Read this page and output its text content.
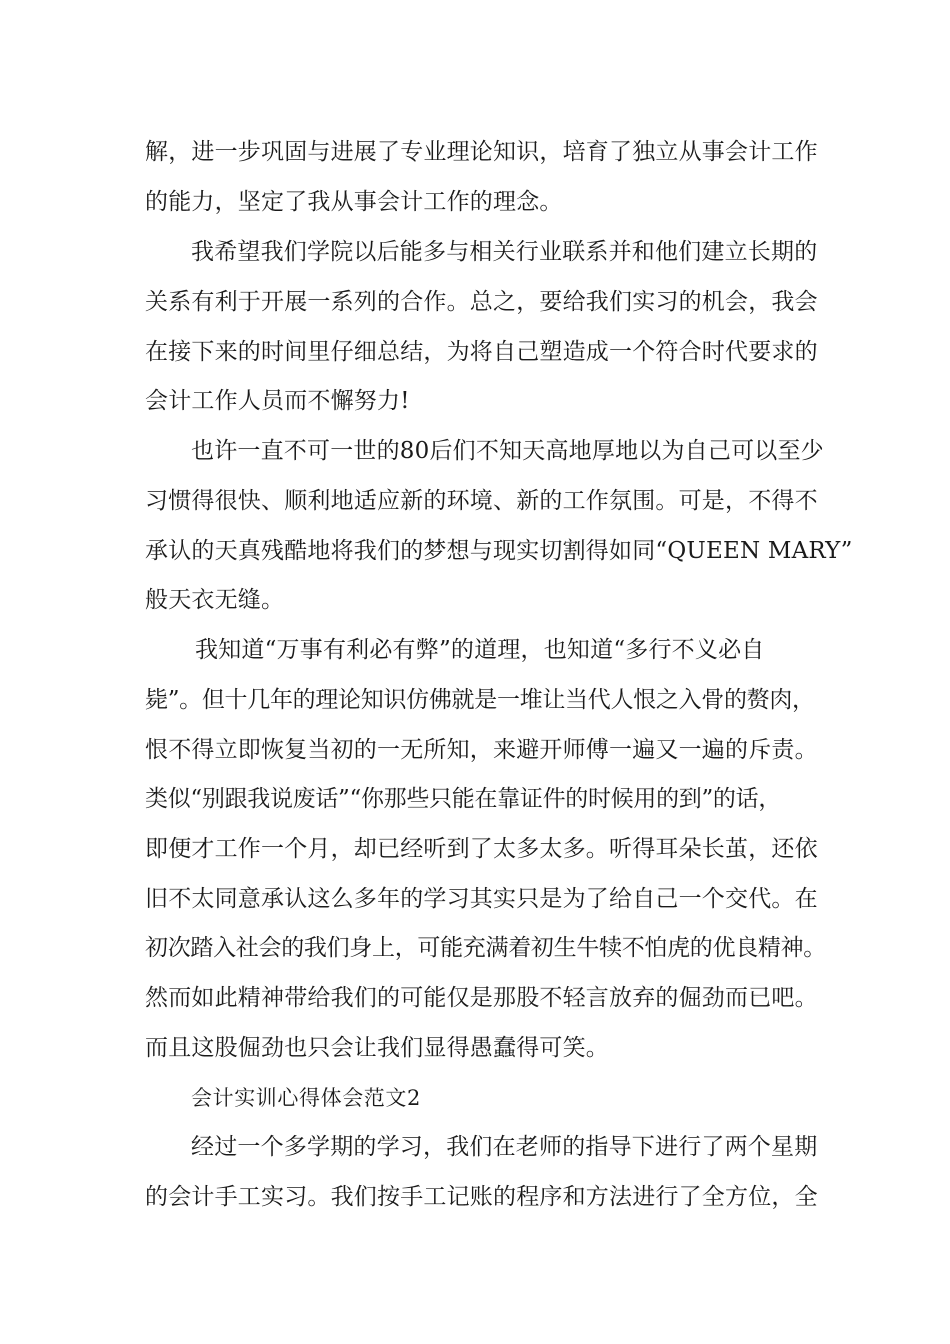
解，进一步巩固与进展了专业理论知识，培育了独立从事会计工作

的能力，坚定了我从事会计工作的理念。

我希望我们学院以后能多与相关行业联系并和他们建立长期的

关系有利于开展一系列的合作。总之，要给我们实习的机会，我会

在接下来的时间里仔细总结，为将自己塑造成一个符合时代要求的

会计工作人员而不懈努力!

也许一直不可一世的80后们不知天高地厚地以为自己可以至少

习惯得很快、顺利地适应新的环境、新的工作氛围。可是，不得不

承认的天真残酷地将我们的梦想与现实切割得如同“QUEEN MARY”

般天衣无缝。

我知道“万事有利必有弊”的道理，也知道“多行不义必自

毙”。但十几年的理论知识仿佛就是一堆让当代人恨之入骨的赘肉，

恨不得立即恢复当初的一无所知，来避开师傅一遍又一遍的斥责。

类似“别跟我说废话”“你那些只能在靠证件的时候用的到”的话，

即便才工作一个月，却已经听到了太多太多。听得耳朵长茧，还依

旧不太同意承认这么多年的学习其实只是为了给自己一个交代。在

初次踏入社会的我们身上，可能充满着初生牛犊不怕虎的优良精神。

然而如此精神带给我们的可能仅是那股不轻言放弃的倔劲而已吧。

而且这股倔劲也只会让我们显得愚蠢得可笑。

会计实训心得体会范文2

经过一个多学期的学习，我们在老师的指导下进行了两个星期

的会计手工实习。我们按手工记账的程序和方法进行了全方位，全
